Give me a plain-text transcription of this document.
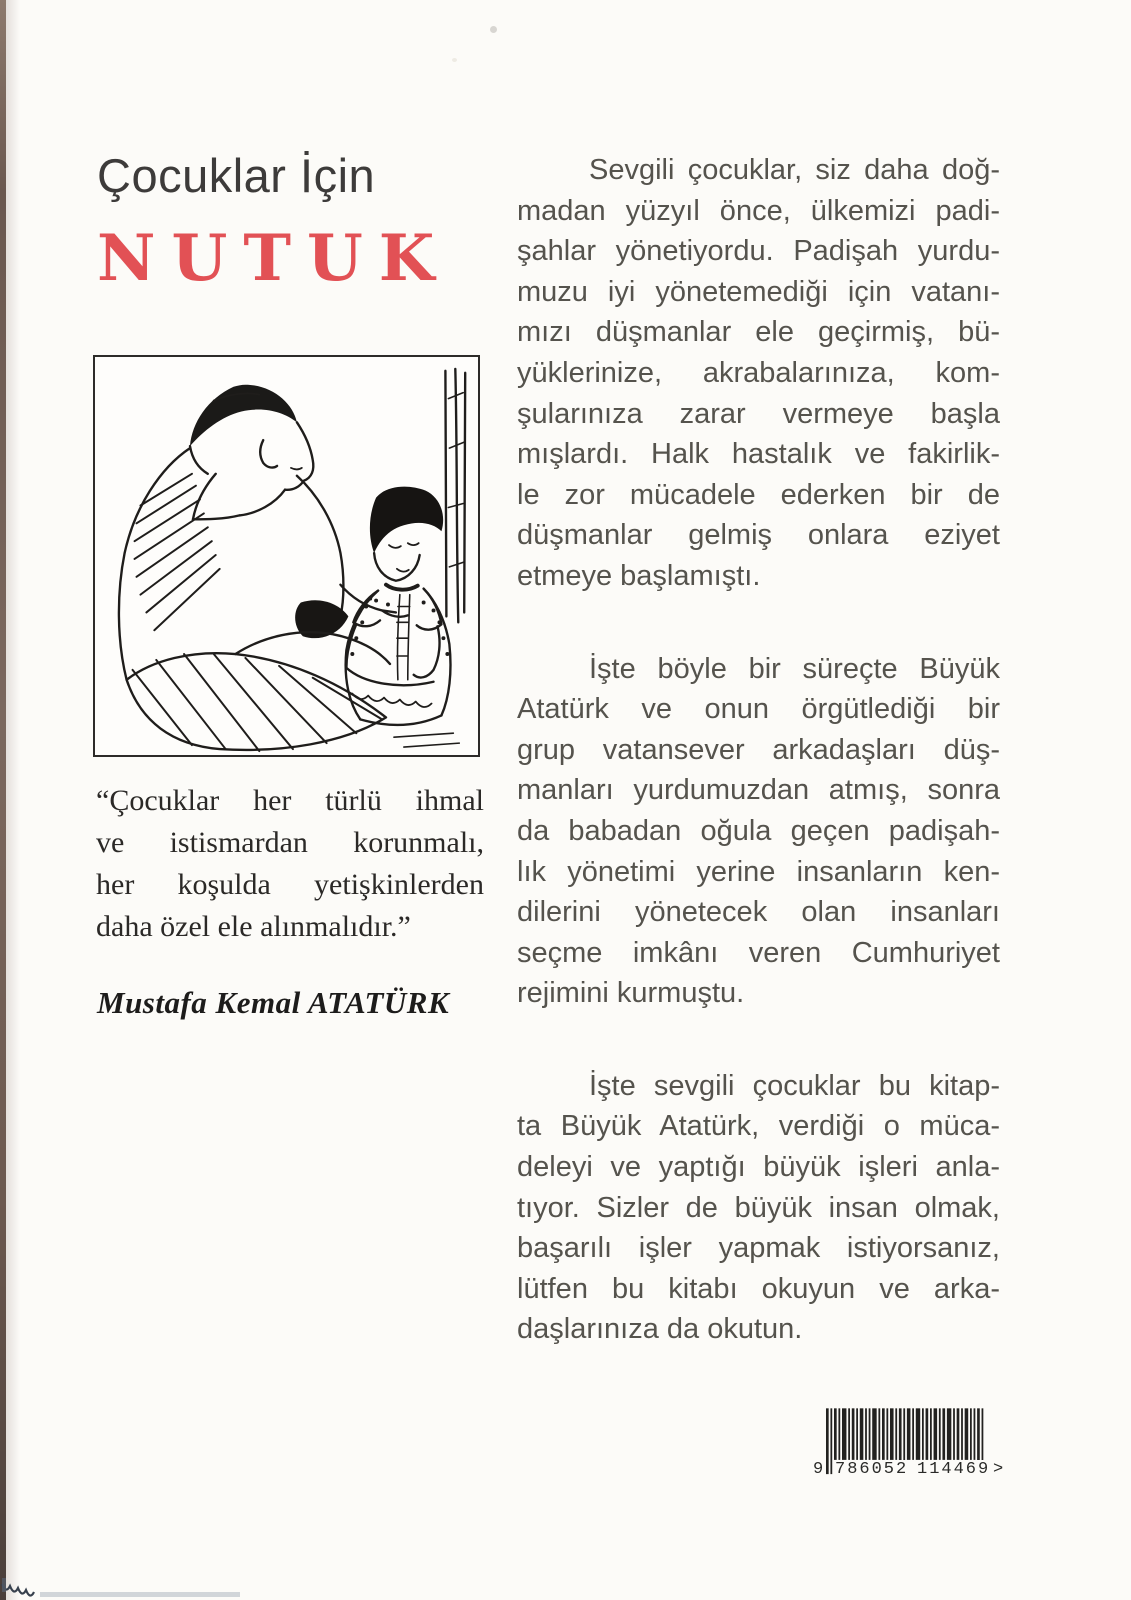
Çocuklar İçin
NUTUK
“Çocuklar her türlü ihmal
ve istismardan korunmalı,
her koşulda yetişkinlerden
daha özel ele alınmalıdır.”
Mustafa Kemal ATATÜRK
Sevgili çocuklar, siz daha doğ-
madan yüzyıl önce, ülkemizi padi-
şahlar yönetiyordu. Padişah yurdu-
muzu iyi yönetemediği için vatanı-
mızı düşmanlar ele geçirmiş, bü-
yüklerinize, akrabalarınıza, kom-
şularınıza zarar vermeye başla
mışlardı. Halk hastalık ve fakirlik-
le zor mücadele ederken bir de
düşmanlar gelmiş onlara eziyet
etmeye başlamıştı.
İşte böyle bir süreçte Büyük
Atatürk ve onun örgütlediği bir
grup vatansever arkadaşları düş-
manları yurdumuzdan atmış, sonra
da babadan oğula geçen padişah-
lık yönetimi yerine insanların ken-
dilerini yönetecek olan insanları
seçme imkânı veren Cumhuriyet
rejimini kurmuştu.
İşte sevgili çocuklar bu kitap-
ta Büyük Atatürk, verdiği o müca-
deleyi ve yaptığı büyük işleri anla-
tıyor. Sizler de büyük insan olmak,
başarılı işler yapmak istiyorsanız,
lütfen bu kitabı okuyun ve arka-
daşlarınıza da okutun.
9 786052 114469 >
